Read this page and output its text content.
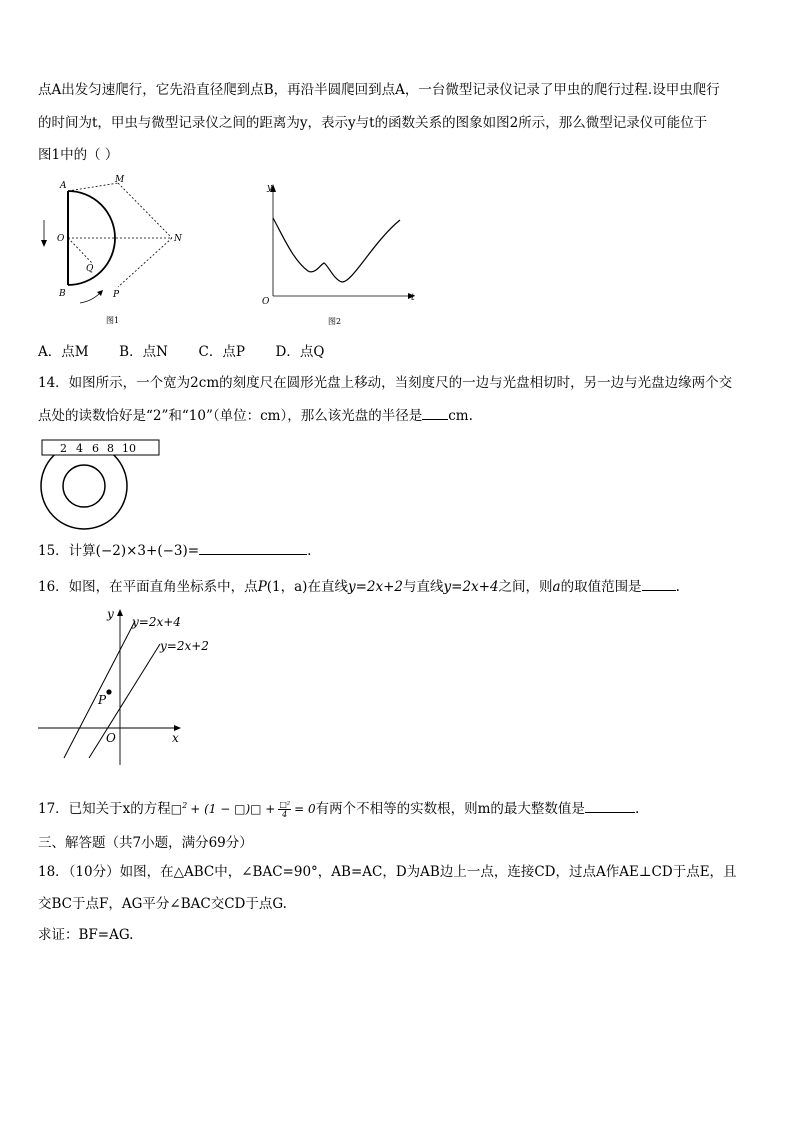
点A出发匀速爬行，它先沿直径爬到点B，再沿半圆爬回到点A，一台微型记录仪记录了甲虫的爬行过程.设甲虫爬行
的时间为t，甲虫与微型记录仪之间的距离为y，表示y与t的函数关系的图象如图2所示，那么微型记录仪可能位于
图1中的（ ）
A
M
O	N
Q
B	P
图1
y
t
O
图2
A．点M B．点N C．点P D．点Q
14．如图所示，一个宽为2cm的刻度尺在圆形光盘上移动，当刻度尺的一边与光盘相切时，另一边与光盘边缘两个交
点处的读数恰好是“2”和“10”（单位：cm），那么该光盘的半径是 cm.
2 4 6 8 10
15．计算(−2)×3+(−3)=	.
16．如图，在平面直角坐标系中，点P(1，a)在直线y=2x+2与直线y=2x+4之间，则a的取值范围是	.
y
x
O
P
y=2x+4
y=2x+2
17．已知关于x的方程□$^2$ + (1 − □)□ + $\frac{\text{□²}}{4} = 0$有两个不相等的实数根，则m的最大整数值是	.
三、解答题（共7小题，满分69分）
18．（10分）如图，在△ABC中，∠BAC=90°，AB=AC，D为AB边上一点，连接CD，过点A作AE⊥CD于点E，且
交BC于点F，AG平分∠BAC交CD于点G.
求证：BF=AG.
